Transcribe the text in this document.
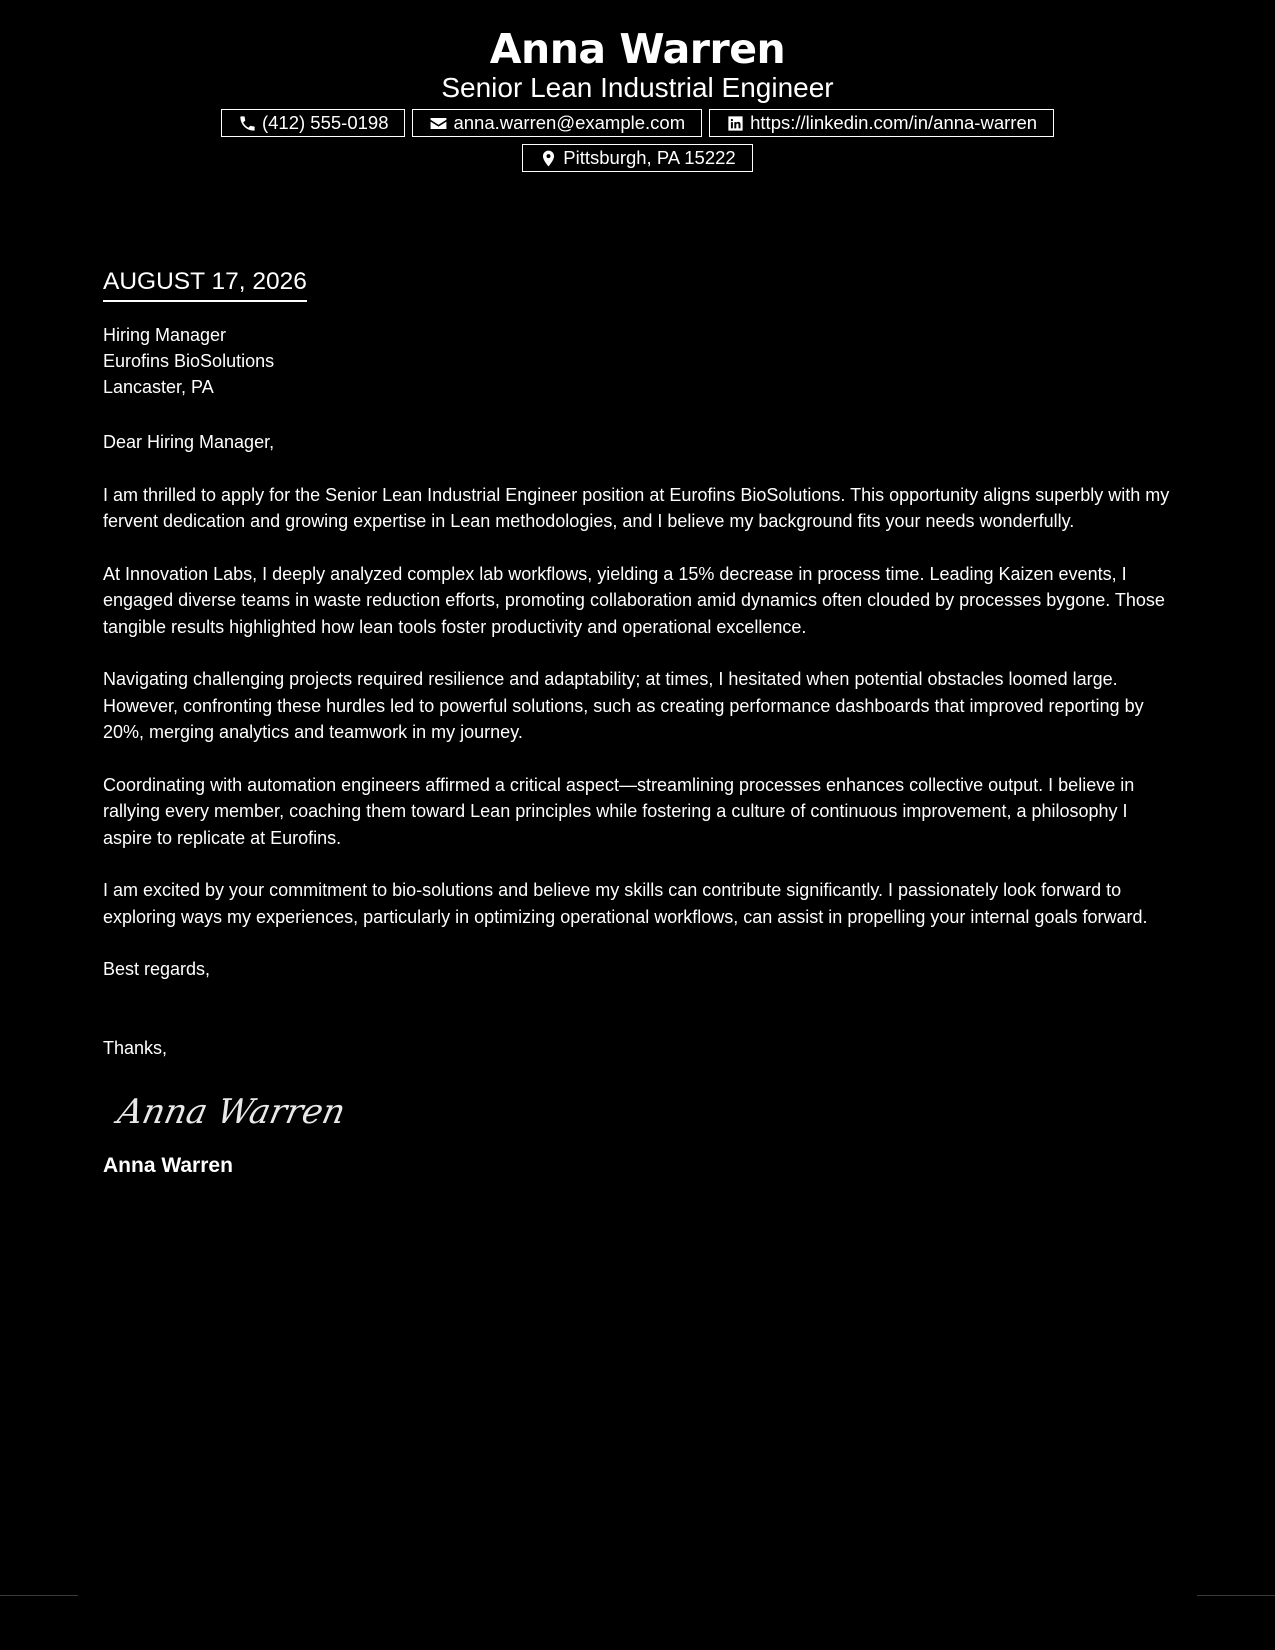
Anna Warren
Senior Lean Industrial Engineer
(412) 555-0198	anna.warren@example.com	https://linkedin.com/in/anna-warren
Pittsburgh, PA 15222
AUGUST 17, 2026
Hiring Manager
Eurofins BioSolutions
Lancaster, PA
Dear Hiring Manager,
I am thrilled to apply for the Senior Lean Industrial Engineer position at Eurofins BioSolutions. This opportunity aligns superbly with my fervent dedication and growing expertise in Lean methodologies, and I believe my background fits your needs wonderfully.
At Innovation Labs, I deeply analyzed complex lab workflows, yielding a 15% decrease in process time. Leading Kaizen events, I engaged diverse teams in waste reduction efforts, promoting collaboration amid dynamics often clouded by processes bygone. Those tangible results highlighted how lean tools foster productivity and operational excellence.
Navigating challenging projects required resilience and adaptability; at times, I hesitated when potential obstacles loomed large. However, confronting these hurdles led to powerful solutions, such as creating performance dashboards that improved reporting by 20%, merging analytics and teamwork in my journey.
Coordinating with automation engineers affirmed a critical aspect—streamlining processes enhances collective output. I believe in rallying every member, coaching them toward Lean principles while fostering a culture of continuous improvement, a philosophy I aspire to replicate at Eurofins.
I am excited by your commitment to bio-solutions and believe my skills can contribute significantly. I passionately look forward to exploring ways my experiences, particularly in optimizing operational workflows, can assist in propelling your internal goals forward.
Best regards,
Thanks,
Anna Warren
Anna Warren
